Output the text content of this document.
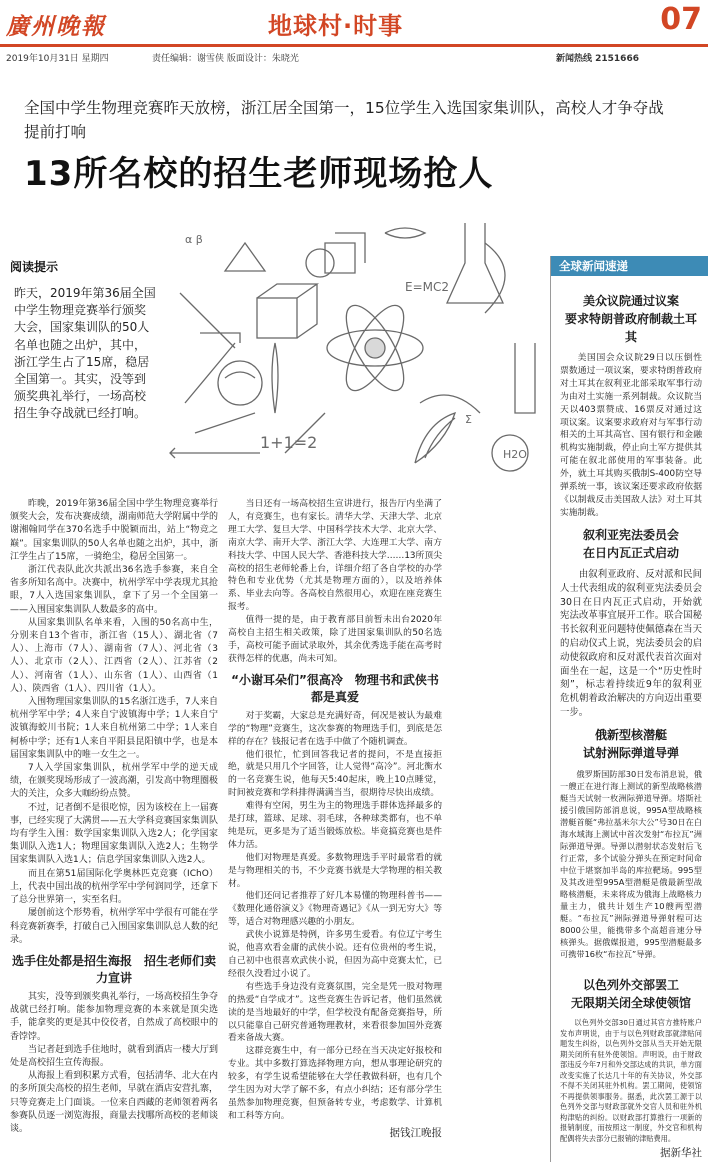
廣州晚報	地球村·时事	07
2019年10月31日 星期四	责任编辑：谢雪侠 版面设计：朱晓光	新闻热线 2151666
全国中学生物理竞赛昨天放榜，浙江居全国第一，15位学生入选国家集训队，高校人才争夺战提前打响
13所名校的招生老师现场抢人
E=MC2
1+1=2
H2O
α β
Σ
阅读提示
昨天，2019年第36届全国中学生物理竞赛举行颁奖大会，国家集训队的50人名单也随之出炉，其中，浙江学生占了15席，稳居全国第一。其实，没等到颁奖典礼举行，一场高校招生争夺战就已经打响。

昨晚，2019年第36届全国中学生物理竞赛举行颁奖大会，发布决赛成绩，湖南师范大学附属中学的谢湘翰同学在370名选手中脱颖而出，站上“物竞之巅”。国家集训队的50人名单也随之出炉，其中，浙江学生占了15席，一骑绝尘，稳居全国第一。

浙江代表队此次共派出36名选手参赛，来自全省多所知名高中。决赛中，杭州学军中学表现尤其抢眼，7人入选国家集训队，拿下了另一个全国第一——入围国家集训队人数最多的高中。

从国家集训队名单来看，入围的50名高中生，分别来自13个省市，浙江省（15人）、湖北省（7人）、上海市（7人）、湖南省（7人）、河北省（3人）、北京市（2人）、江西省（2人）、江苏省（2人）、河南省（1人）、山东省（1人）、山西省（1人）、陕西省（1人）、四川省（1人）。

入围物理国家集训队的15名浙江选手，7人来自杭州学军中学；4人来自宁波镇海中学；1人来自宁波镇海蛟川书院；1人来自杭州第二中学；1人来自柯桥中学；还有1人来自平阳县昆阳镇中学，也是本届国家集训队中的唯一女生之一。

7人入学国家集训队，杭州学军中学的逆天成绩，在颁奖现场形成了一波高潮，引发高中物理圈极大的关注，众多大咖纷纷点赞。

不过，记者倒不是很吃惊，因为该校在上一届赛事，已经实现了大满贯——五大学科竞赛国家集训队均有学生入围：数学国家集训队入选2人；化学国家集训队入选1人；物理国家集训队入选2人；生物学国家集训队入选1人；信息学国家集训队入选2人。

而且在第51届国际化学奥林匹克竞赛（IChO）上，代表中国出战的杭州学军中学何润同学，还拿下了总分世界第一，实至名归。

屡创前这个形势看，杭州学军中学很有可能在学科竞赛新赛季，打破自己入围国家集训队总人数的纪录。

选手住处都是招生海报　招生老师们卖力宣讲

其实，没等到颁奖典礼举行，一场高校招生争夺战就已经打响。能参加物理竞赛的本来就是顶尖选手，能拿奖的更是其中佼佼者，自然成了高校眼中的香饽饽。

当记者赶到选手住地时，就看到酒店一楼大厅到处是高校招生宣传海报。

从海报上看到积累方式看，包括清华、北大在内的多所顶尖高校的招生老师，早就在酒店安营扎寨，只等竞赛走上门面谈。一位来自西藏的老师领着两名参赛队员逐一浏览海报，商量去找哪所高校的老师谈谈。

当日还有一场高校招生宣讲进行，报告厅内坐满了人，有竞赛生，也有家长。清华大学、天津大学、北京理工大学、复旦大学、中国科学技术大学、北京大学、南京大学、南开大学、浙江大学、大连理工大学、南方科技大学、中国人民大学、香港科技大学……13所顶尖高校的招生老师轮番上台，详细介绍了各自学校的办学特色和专业优势（尤其是物理方面的），以及培养体系、毕业去向等。各高校自然很用心，欢迎在座竞赛生报考。

值得一提的是，由于教育部目前暂未出台2020年高校自主招生相关政策，除了进国家集训队的50名选手，高校可能予面试录取外，其余优秀选手能在高考时获得怎样的优惠，尚未可知。

“小谢耳朵们”很高冷　物理书和武侠书都是真爱

对于奖霸，大家总是充满好奇，何况是被认为最难学的“物理”竞赛生，这次参赛的物理选手们，到底是怎样的存在？钱报记者在选手中做了个随机调查。

他们很忙，忙到回答我记者的提问，不是直接拒绝，就是只用几个字回答，让人觉得“高冷”。河北衡水的一名竞赛生说，他每天5:40起床，晚上10点睡觉，时间被竞赛和学科排得满满当当，很期待尽快出成绩。

难得有空闲，男生为主的物理选手群体选择最多的是打球，篮球、足球、羽毛球，各种球类都有，也不单纯是玩，更多是为了适当锻炼放松。毕竟搞竞赛也是件体力活。

他们对物理是真爱。多数物理选手平时最常看的就是与物理相关的书，不少竞赛书就是大学物理的相关教材。

他们还问记者推荐了好几本易懂的物理科普书——《数理化通俗演义》《物理奇遇记》《从一到无穷大》等等，适合对物理感兴趣的小朋友。

武侠小说算是特例，许多男生爱看。有位辽宁考生说，他喜欢看金庸的武侠小说。还有位贵州的考生说，自己初中也很喜欢武侠小说，但因为高中竞赛太忙，已经很久没看过小说了。

有些选手身边没有竞赛氛围，完全是凭一股对物理的热爱“自学成才”。这些竞赛生告诉记者，他们虽然就读的是当地最好的中学，但学校没有配备竞赛指导，所以只能靠自己研究普通物理教材，来看很参加国外竞赛看来备战大赛。

这群竞赛生中，有一部分已经在当天决定好报校和专业。其中多数打算选择物理方向，想从事理论研究的较多，有学生说希望能够在大学任教做科研，也有几个学生因为对大学了解不多，有点小纠结；还有部分学生虽然参加物理竞赛，但预备转专业，考虑数学、计算机和工科等方向。

据钱江晚报
全球新闻速递
美众议院通过议案
要求特朗普政府制裁土耳其

美国国会众议院29日以压倒性票数通过一项议案，要求特朗普政府对土耳其在叙利亚北部采取军事行动为由对土实施一系列制裁。众议院当天以403票赞成、16票反对通过这项议案。议案要求政府对与军事行动相关的土耳其高官、国有银行和金融机构实施制裁，停止向土军方提供其可能在叙北部使用的军事装备。此外，就土耳其购买俄制S-400防空导弹系统一事，该议案还要求政府依据《以制裁反击美国敌人法》对土耳其实施制裁。

叙利亚宪法委员会
在日内瓦正式启动

由叙利亚政府、反对派和民间人士代表组成的叙利亚宪法委员会30日在日内瓦正式启动，开始就宪法改革事宜展开工作。联合国秘书长叙利亚问题特使佩德森在当天的启动仪式上说，宪法委员会的启动使叙政府和反对派代表首次面对面坐在一起，这是一个“历史性时刻”，标志着持续近9年的叙利亚危机朝着政治解决的方向迈出重要一步。

俄新型核潜艇
试射洲际弹道导弹

俄罗斯国防部30日发布消息说，俄一艘正在进行海上测试的新型战略核潜艇当天试射一枚洲际弹道导弹。塔斯社援引俄国防部消息说，995A型战略核潜艇首艇“弗拉基米尔大公”号30日在白海水域海上测试中首次发射“布拉瓦”洲际弹道导弹。导弹以潜射状态发射后飞行正常，多个试验分弹头在预定时间命中位于堪察加半岛的库拉靶场。995型及其改进型995A型潜艇是俄最新型战略核潜艇，未来将成为俄海上战略核力量主力，俄共计划生产10艘两型潜艇。“布拉瓦”洲际弹道导弹射程可达8000公里，能携带多个高超音速分导核弹头。据俄媒报道，995型潜艇最多可携带16枚“布拉瓦”导弹。

以色列外交部罢工
无限期关闭全球使领馆

以色列外交部30日通过其官方推特账户发布声明说，由于与以色列财政部就津贴问题发生纠纷，以色列外交部从当天开始无限期关闭所有驻外使领馆。声明说，由于财政部违反今年7月和外交部达成的共识，单方面改变实施了长达几十年的有关协议，外交部不得不关闭其驻外机构。罢工期间，使领馆不再提供领事服务。据悉，此次罢工源于以色列外交部与财政部就外交官人员和驻外机构津贴的纠纷。以财政部打算推行一项新的报销制度，而按照这一制度，外交官和机构配偶将失去部分已报销的津贴费用。

据新华社
